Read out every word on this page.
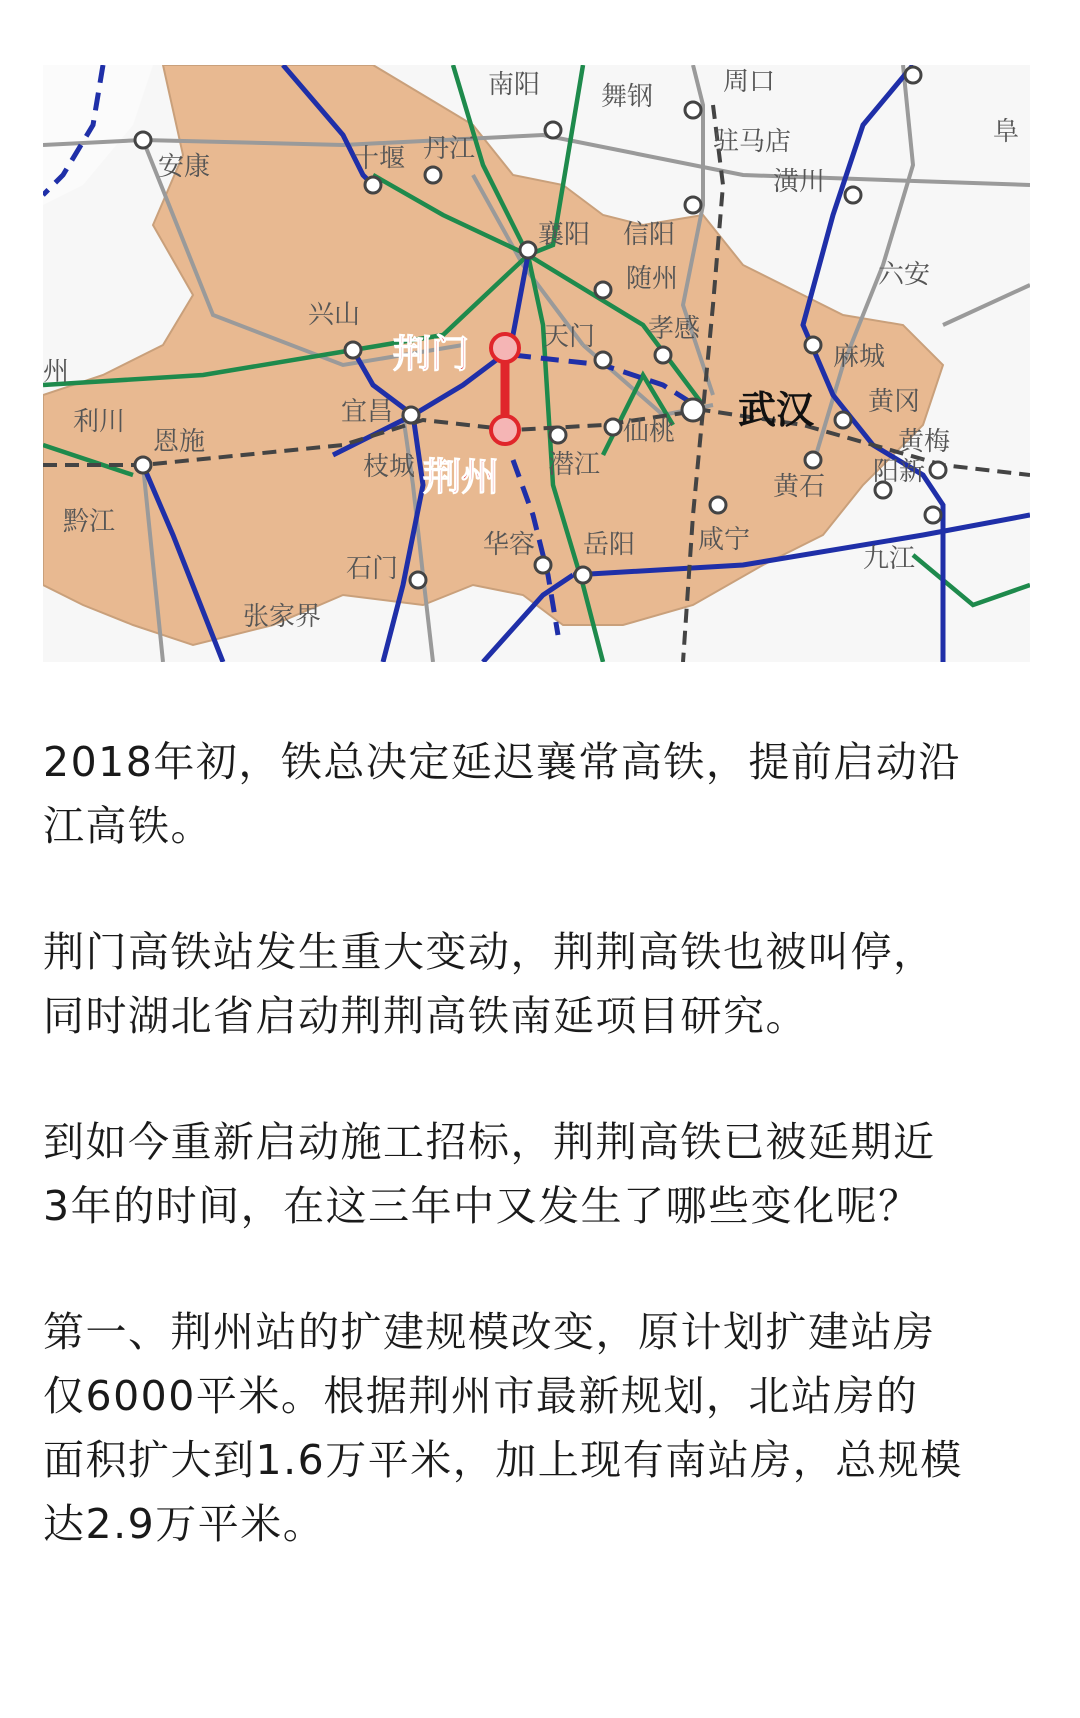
南阳 舞钢	周口
阜
安康	十堰 丹江	驻马店
潢川
襄阳 信阳
随州	六安
兴山
天门 孝感
麻城
州
利川	宜昌	黄冈
恩施	仙桃	黄梅
枝城	潜江
黄石 阳新
黔江
华容 岳阳 咸宁
九江
石门
张家界
武汉
荆门
荆州

2018年初，铁总决定延迟襄常高铁，提前启动沿
江高铁。

荆门高铁站发生重大变动，荆荆高铁也被叫停，
同时湖北省启动荆荆高铁南延项目研究。

到如今重新启动施工招标，荆荆高铁已被延期近
3年的时间，在这三年中又发生了哪些变化呢？

第一、荆州站的扩建规模改变，原计划扩建站房
仅6000平米。根据荆州市最新规划，北站房的
面积扩大到1.6万平米，加上现有南站房，总规模
达2.9万平米。
